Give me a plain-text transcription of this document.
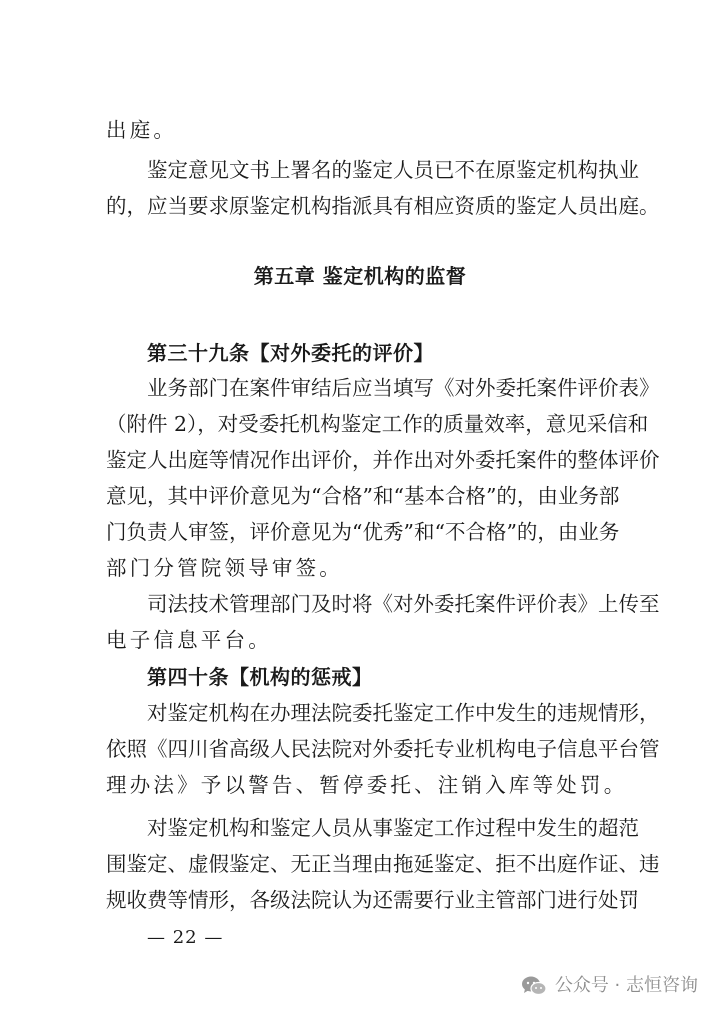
出庭。
鉴定意见文书上署名的鉴定人员已不在原鉴定机构执业
的，应当要求原鉴定机构指派具有相应资质的鉴定人员出庭。
第五章 鉴定机构的监督
第三十九条【对外委托的评价】
业务部门在案件审结后应当填写《对外委托案件评价表》
（附件 2），对受委托机构鉴定工作的质量效率，意见采信和
鉴定人出庭等情况作出评价，并作出对外委托案件的整体评价
意见，其中评价意见为“合格”和“基本合格”的，由业务部
门负责人审签，评价意见为“优秀”和“不合格”的，由业务
部门分管院领导审签。
司法技术管理部门及时将《对外委托案件评价表》上传至
电子信息平台。
第四十条【机构的惩戒】
对鉴定机构在办理法院委托鉴定工作中发生的违规情形，
依照《四川省高级人民法院对外委托专业机构电子信息平台管
理办法》予以警告、暂停委托、注销入库等处罚。
对鉴定机构和鉴定人员从事鉴定工作过程中发生的超范
围鉴定、虚假鉴定、无正当理由拖延鉴定、拒不出庭作证、违
规收费等情形，各级法院认为还需要行业主管部门进行处罚
— 22 —
公众号 · 志恒咨询
